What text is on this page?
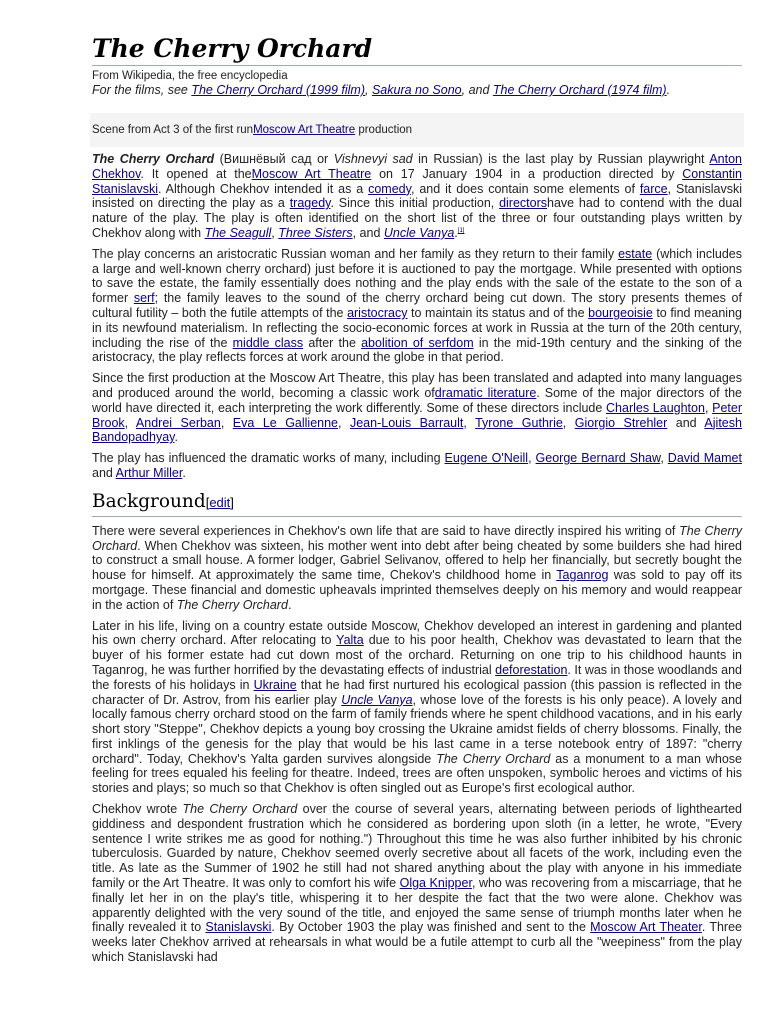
The Cherry Orchard
From Wikipedia, the free encyclopedia
For the films, see The Cherry Orchard (1999 film), Sakura no Sono, and The Cherry Orchard (1974 film).
Scene from Act 3 of the first runMoscow Art Theatre production

The Cherry Orchard (Вишнёвый сад or Vishnevyi sad in Russian) is the last play by Russian playwright Anton Chekhov. It opened at theMoscow Art Theatre on 17 January 1904 in a production directed by Constantin Stanislavski. Although Chekhov intended it as a comedy, and it does contain some elements of farce, Stanislavski insisted on directing the play as a tragedy. Since this initial production, directorshave had to contend with the dual nature of the play. The play is often identified on the short list of the three or four outstanding plays written by Chekhov along with The Seagull, Three Sisters, and Uncle Vanya.[1]

The play concerns an aristocratic Russian woman and her family as they return to their family estate (which includes a large and well-known cherry orchard) just before it is auctioned to pay the mortgage. While presented with options to save the estate, the family essentially does nothing and the play ends with the sale of the estate to the son of a former serf; the family leaves to the sound of the cherry orchard being cut down. The story presents themes of cultural futility – both the futile attempts of the aristocracy to maintain its status and of the bourgeoisie to find meaning in its newfound materialism. In reflecting the socio-economic forces at work in Russia at the turn of the 20th century, including the rise of the middle class after the abolition of serfdom in the mid-19th century and the sinking of the aristocracy, the play reflects forces at work around the globe in that period.

Since the first production at the Moscow Art Theatre, this play has been translated and adapted into many languages and produced around the world, becoming a classic work ofdramatic literature. Some of the major directors of the world have directed it, each interpreting the work differently. Some of these directors include Charles Laughton, Peter Brook, Andrei Serban, Eva Le Gallienne, Jean-Louis Barrault, Tyrone Guthrie, Giorgio Strehler and Ajitesh Bandopadhyay.

The play has influenced the dramatic works of many, including Eugene O'Neill, George Bernard Shaw, David Mamet and Arthur Miller.

Background[edit]

There were several experiences in Chekhov's own life that are said to have directly inspired his writing of The Cherry Orchard. When Chekhov was sixteen, his mother went into debt after being cheated by some builders she had hired to construct a small house. A former lodger, Gabriel Selivanov, offered to help her financially, but secretly bought the house for himself. At approximately the same time, Chekov's childhood home in Taganrog was sold to pay off its mortgage. These financial and domestic upheavals imprinted themselves deeply on his memory and would reappear in the action of The Cherry Orchard.

Later in his life, living on a country estate outside Moscow, Chekhov developed an interest in gardening and planted his own cherry orchard. After relocating to Yalta due to his poor health, Chekhov was devastated to learn that the buyer of his former estate had cut down most of the orchard. Returning on one trip to his childhood haunts in Taganrog, he was further horrified by the devastating effects of industrial deforestation. It was in those woodlands and the forests of his holidays in Ukraine that he had first nurtured his ecological passion (this passion is reflected in the character of Dr. Astrov, from his earlier play Uncle Vanya, whose love of the forests is his only peace). A lovely and locally famous cherry orchard stood on the farm of family friends where he spent childhood vacations, and in his early short story "Steppe", Chekhov depicts a young boy crossing the Ukraine amidst fields of cherry blossoms. Finally, the first inklings of the genesis for the play that would be his last came in a terse notebook entry of 1897: "cherry orchard". Today, Chekhov's Yalta garden survives alongside The Cherry Orchard as a monument to a man whose feeling for trees equaled his feeling for theatre. Indeed, trees are often unspoken, symbolic heroes and victims of his stories and plays; so much so that Chekhov is often singled out as Europe's first ecological author.

Chekhov wrote The Cherry Orchard over the course of several years, alternating between periods of lighthearted giddiness and despondent frustration which he considered as bordering upon sloth (in a letter, he wrote, "Every sentence I write strikes me as good for nothing.") Throughout this time he was also further inhibited by his chronic tuberculosis. Guarded by nature, Chekhov seemed overly secretive about all facets of the work, including even the title. As late as the Summer of 1902 he still had not shared anything about the play with anyone in his immediate family or the Art Theatre. It was only to comfort his wife Olga Knipper, who was recovering from a miscarriage, that he finally let her in on the play's title, whispering it to her despite the fact that the two were alone. Chekhov was apparently delighted with the very sound of the title, and enjoyed the same sense of triumph months later when he finally revealed it to Stanislavski. By October 1903 the play was finished and sent to the Moscow Art Theater. Three weeks later Chekhov arrived at rehearsals in what would be a futile attempt to curb all the "weepiness" from the play which Stanislavski had
